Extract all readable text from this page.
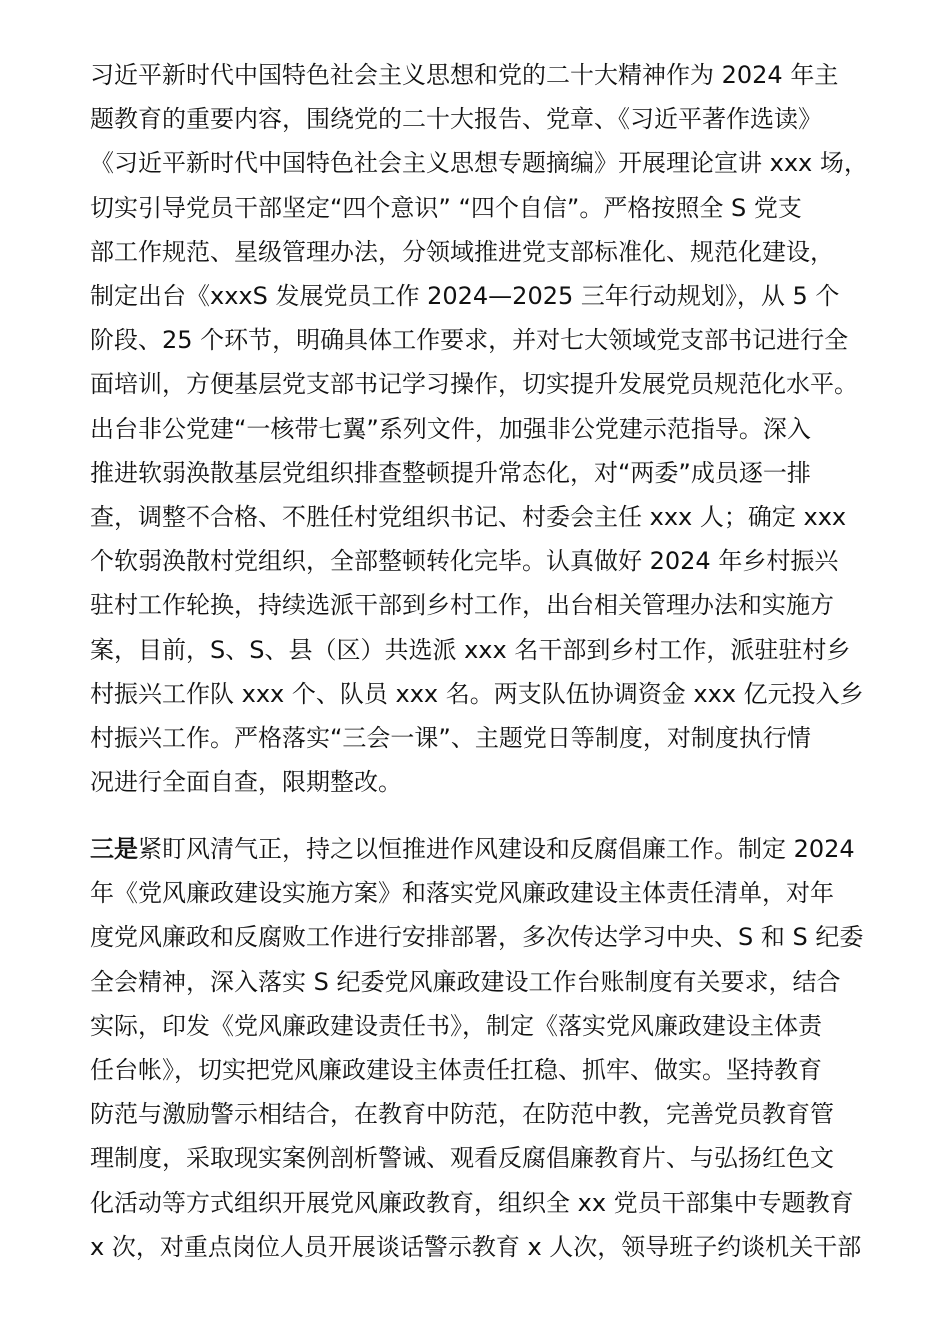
习近平新时代中国特色社会主义思想和党的二十大精神作为 2024 年主
题教育的重要内容，围绕党的二十大报告、党章、《习近平著作选读》
《习近平新时代中国特色社会主义思想专题摘编》开展理论宣讲 xxx 场，
切实引导党员干部坚定“四个意识” “四个自信”。严格按照全 S 党支
部工作规范、星级管理办法，分领域推进党支部标准化、规范化建设，
制定出台《xxxS 发展党员工作 2024—2025 三年行动规划》，从 5 个
阶段、25 个环节，明确具体工作要求，并对七大领域党支部书记进行全
面培训，方便基层党支部书记学习操作，切实提升发展党员规范化水平。
出台非公党建“一核带七翼”系列文件，加强非公党建示范指导。深入
推进软弱涣散基层党组织排查整顿提升常态化，对“两委”成员逐一排
查，调整不合格、不胜任村党组织书记、村委会主任 xxx 人；确定 xxx
个软弱涣散村党组织，全部整顿转化完毕。认真做好 2024 年乡村振兴
驻村工作轮换，持续选派干部到乡村工作，出台相关管理办法和实施方
案，目前，S、S、县（区）共选派 xxx 名干部到乡村工作，派驻驻村乡
村振兴工作队 xxx 个、队员 xxx 名。两支队伍协调资金 xxx 亿元投入乡
村振兴工作。严格落实“三会一课”、主题党日等制度，对制度执行情
况进行全面自查，限期整改。
三是紧盯风清气正，持之以恒推进作风建设和反腐倡廉工作。制定 2024
年《党风廉政建设实施方案》和落实党风廉政建设主体责任清单，对年
度党风廉政和反腐败工作进行安排部署，多次传达学习中央、S 和 S 纪委
全会精神，深入落实 S 纪委党风廉政建设工作台账制度有关要求，结合
实际，印发《党风廉政建设责任书》，制定《落实党风廉政建设主体责
任台帐》，切实把党风廉政建设主体责任扛稳、抓牢、做实。坚持教育
防范与激励警示相结合，在教育中防范，在防范中教，完善党员教育管
理制度，采取现实案例剖析警诫、观看反腐倡廉教育片、与弘扬红色文
化活动等方式组织开展党风廉政教育，组织全 xx 党员干部集中专题教育
x 次，对重点岗位人员开展谈话警示教育 x 人次，领导班子约谈机关干部
